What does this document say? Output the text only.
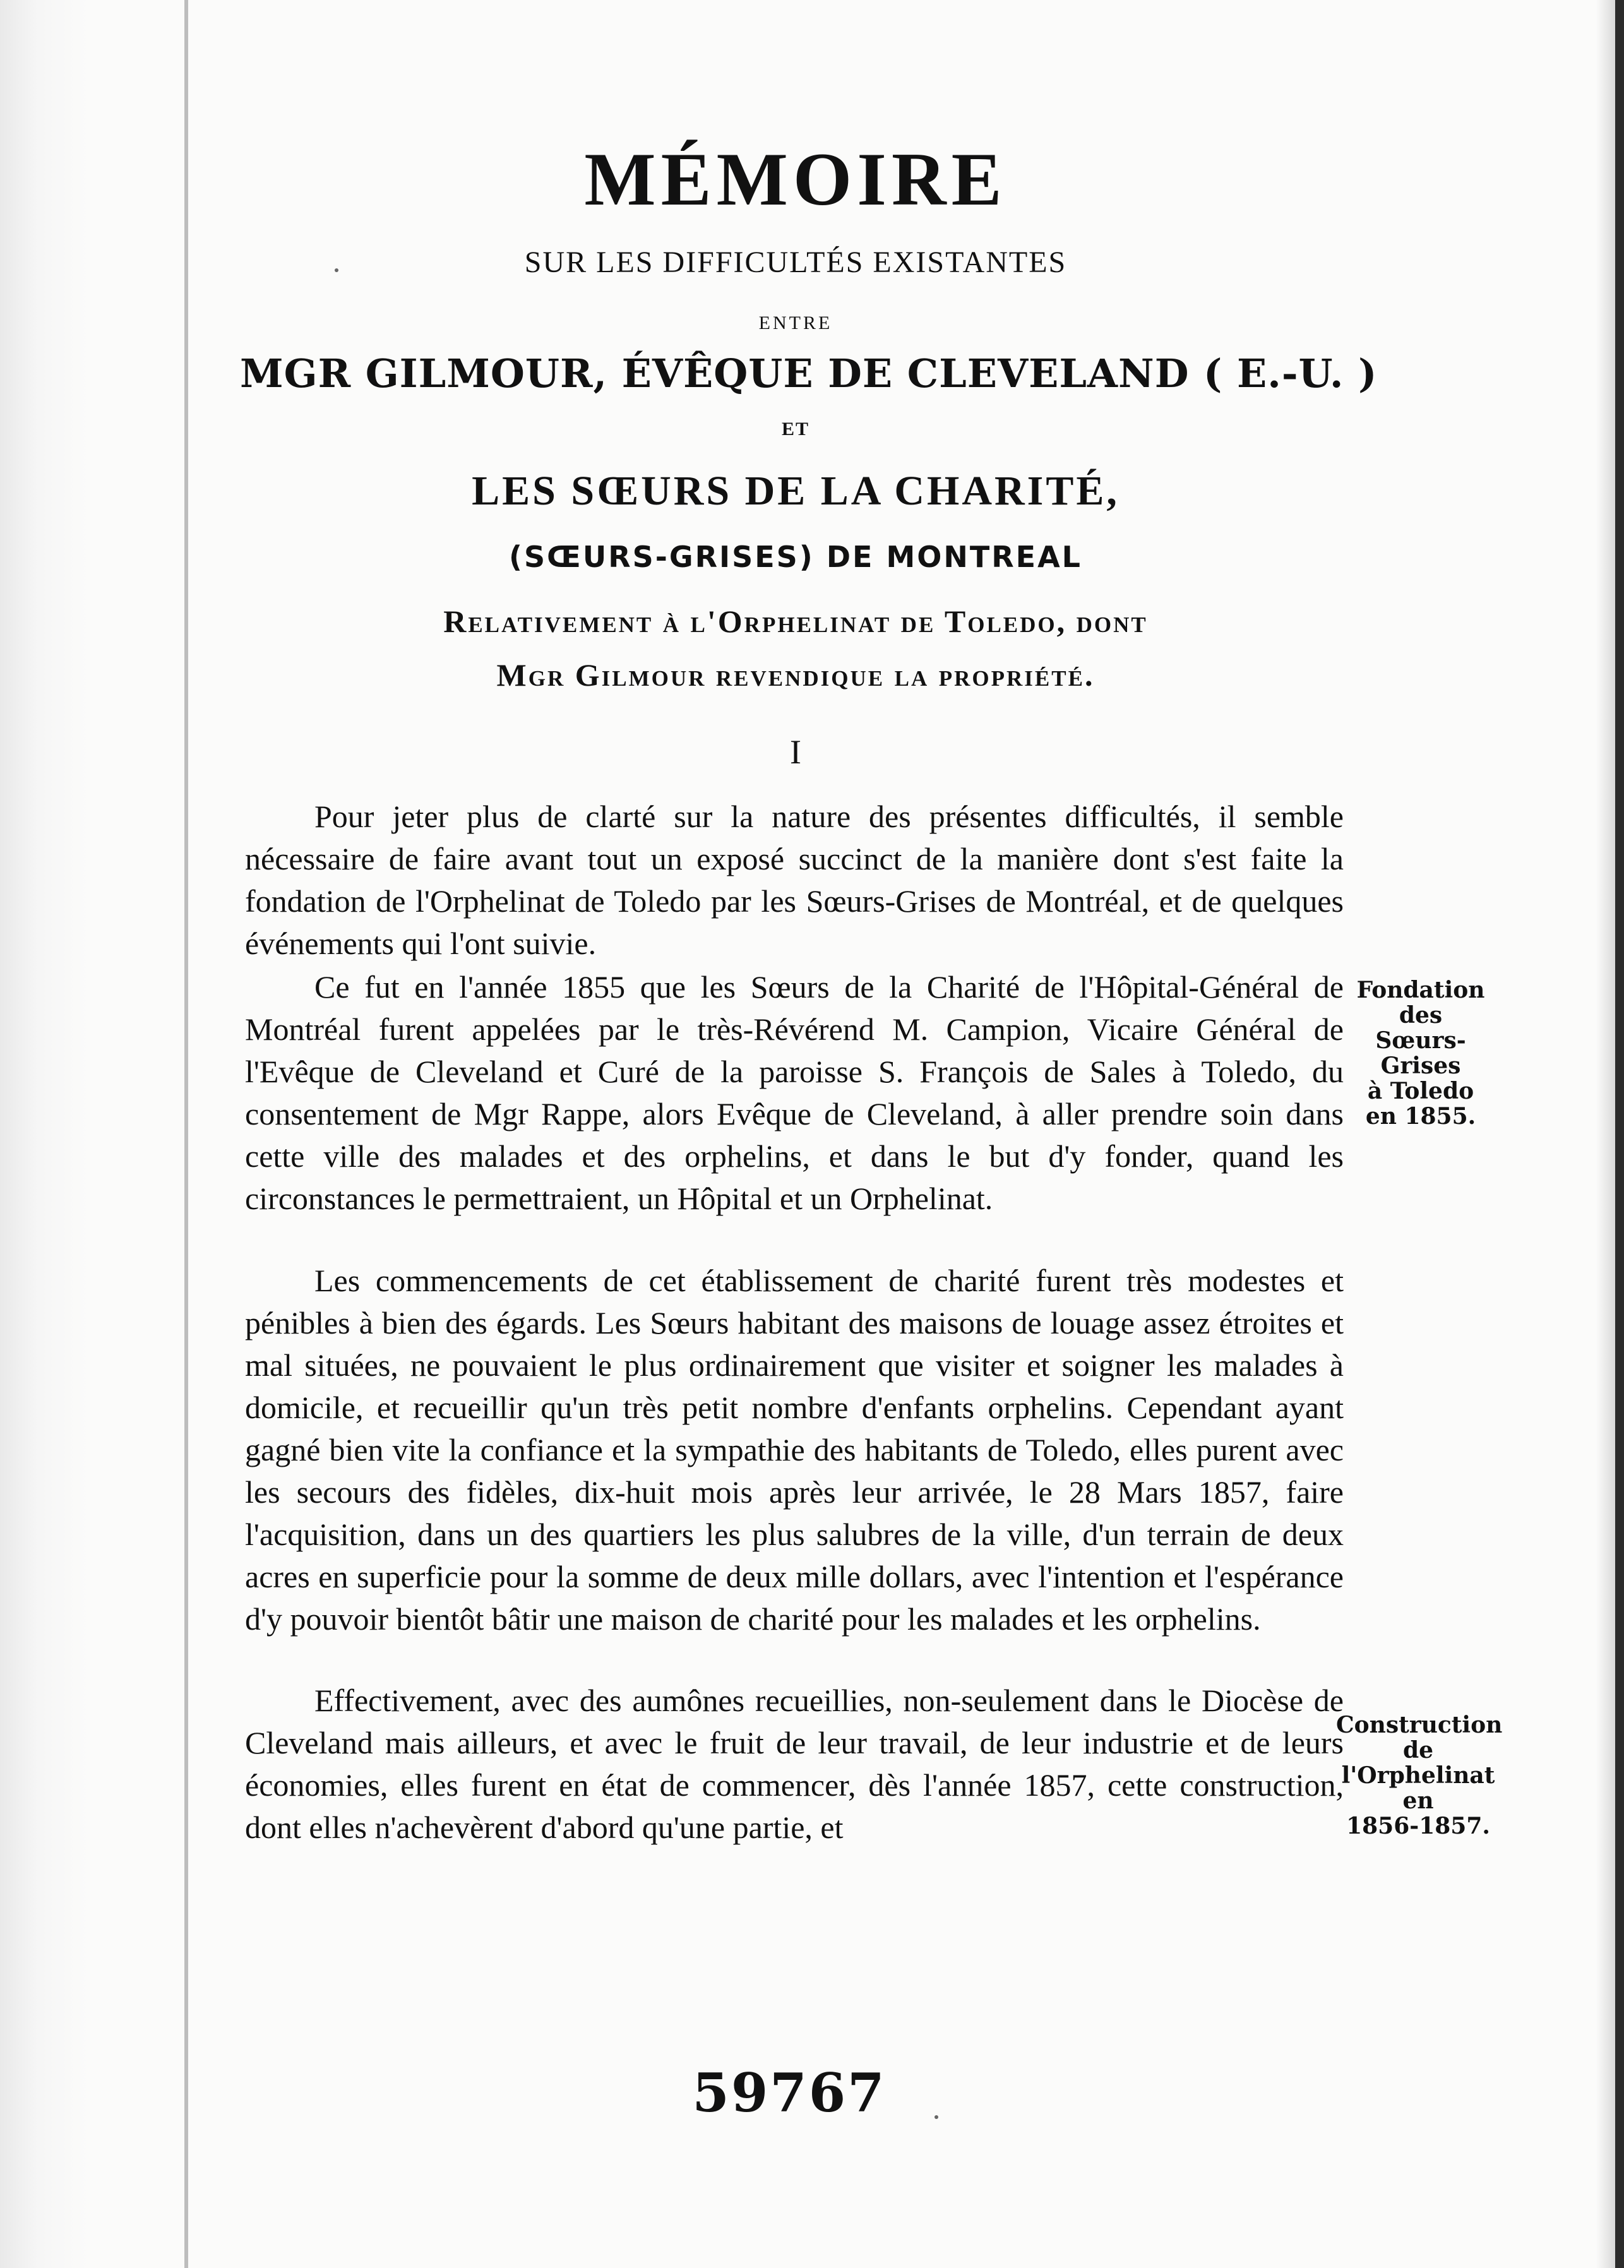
MÉMOIRE
SUR LES DIFFICULTÉS EXISTANTES
ENTRE
MGR GILMOUR, ÉVÊQUE DE CLEVELAND ( E.-U. )
ET
LES SŒURS DE LA CHARITÉ,
(SŒURS-GRISES) DE MONTREAL
Relativement à l'Orphelinat de Toledo, dont
Mgr Gilmour revendique la propriété.
I

Pour jeter plus de clarté sur la nature des présentes difficultés, il semble nécessaire de faire avant tout un exposé succinct de la manière dont s'est faite la fondation de l'Orphelinat de Toledo par les Sœurs-Grises de Montréal, et de quelques événements qui l'ont suivie.

Ce fut en l'année 1855 que les Sœurs de la Charité de l'Hôpital-Général de Montréal furent appelées par le très-Révérend M. Campion, Vicaire Général de l'Evêque de Cleveland et Curé de la paroisse S. François de Sales à Toledo, du consentement de Mgr Rappe, alors Evêque de Cleveland, à aller prendre soin dans cette ville des malades et des orphelins, et dans le but d'y fonder, quand les circonstances le permettraient, un Hôpital et un Orphelinat.

Les commencements de cet établissement de charité furent très modestes et pénibles à bien des égards. Les Sœurs habitant des maisons de louage assez étroites et mal situées, ne pouvaient le plus ordinairement que visiter et soigner les malades à domicile, et recueillir qu'un très petit nombre d'enfants orphelins. Cependant ayant gagné bien vite la confiance et la sympathie des habitants de Toledo, elles purent avec les secours des fidèles, dix-huit mois après leur arrivée, le 28 Mars 1857, faire l'acquisition, dans un des quartiers les plus salubres de la ville, d'un terrain de deux acres en superficie pour la somme de deux mille dollars, avec l'intention et l'espérance d'y pouvoir bientôt bâtir une maison de charité pour les malades et les orphelins.

Effectivement, avec des aumônes recueillies, non-seulement dans le Diocèse de Cleveland mais ailleurs, et avec le fruit de leur travail, de leur industrie et de leurs économies, elles furent en état de commencer, dès l'année 1857, cette construction, dont elles n'achevèrent d'abord qu'une partie, et

Fondation
des
Sœurs-Grises
à Toledo
en 1855.
Construction
de
l'Orphelinat
en
1856-1857.
59767
